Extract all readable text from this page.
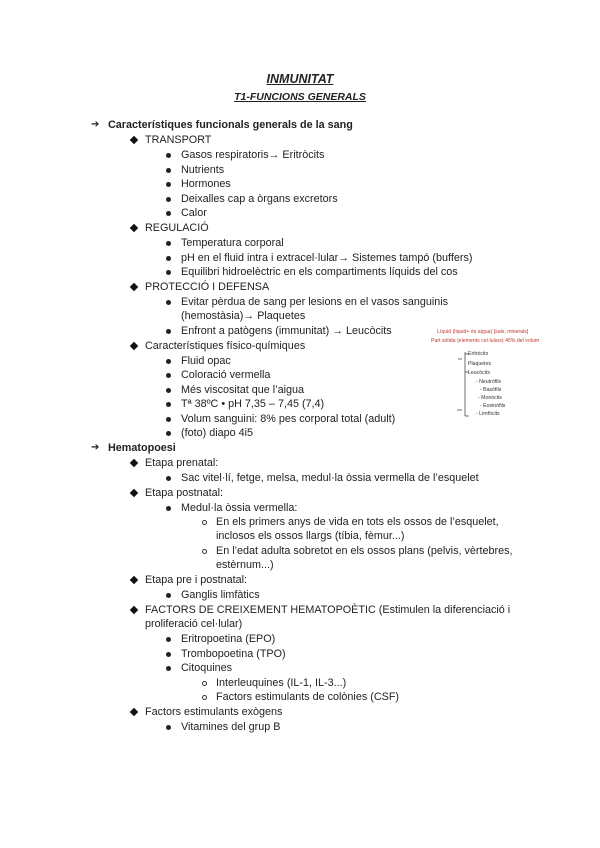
INMUNITAT
T1-FUNCIONS GENERALS
➔ Característiques funcionals generals de la sang
TRANSPORT
Gasos respiratoris→ Eritròcits
Nutrients
Hormones
Deixalles cap a òrgans excretors
Calor
REGULACIÓ
Temperatura corporal
pH en el fluid intra i extracel·lular→ Sistemes tampó (buffers)
Equilibri hidroelèctric en els compartiments líquids del cos
PROTECCIÓ I DEFENSA
Evitar pèrdua de sang per lesions en el vasos sanguinis
(hemostàsia)→ Plaquetes
Enfront a patògens (immunitat) → Leucòcits
Característiques físico-químiques
Fluid opac
Coloració vermella
Més viscositat que l’aigua
Tª 38ºC • pH 7,35 – 7,45 (7,4)
Volum sanguini: 8% pes corporal total (adult)
(foto) diapo 4i5
Líquid (liquid+ és aigua) [sals, minerals]
Part sòlida (elements cel·lulars) 45% del volum
Eritròcits
Plaquetes
Leucòcits
- Neutròfils
- Basòfils
- Monòcits
- Eosinòfils
- Limfòcits
➔ Hematopoesi
Etapa prenatal:
Sac vitel·lí, fetge, melsa, medul·la òssia vermella de l’esquelet
Etapa postnatal:
Medul·la òssia vermella:
En els primers anys de vida en tots els ossos de l’esquelet,
inclosos els ossos llargs (tíbia, fèmur...)
En l’edat adulta sobretot en els ossos plans (pelvis, vèrtebres,
estèrnum...)
Etapa pre i postnatal:
Ganglis limfàtics
FACTORS DE CREIXEMENT HEMATOPOÈTIC (Estimulen la diferenciació i
proliferació cel·lular)
Eritropoetina (EPO)
Trombopoetina (TPO)
Citoquines
Interleuquines (IL-1, IL-3...)
Factors estimulants de colònies (CSF)
Factors estimulants exògens
Vitamines del grup B
